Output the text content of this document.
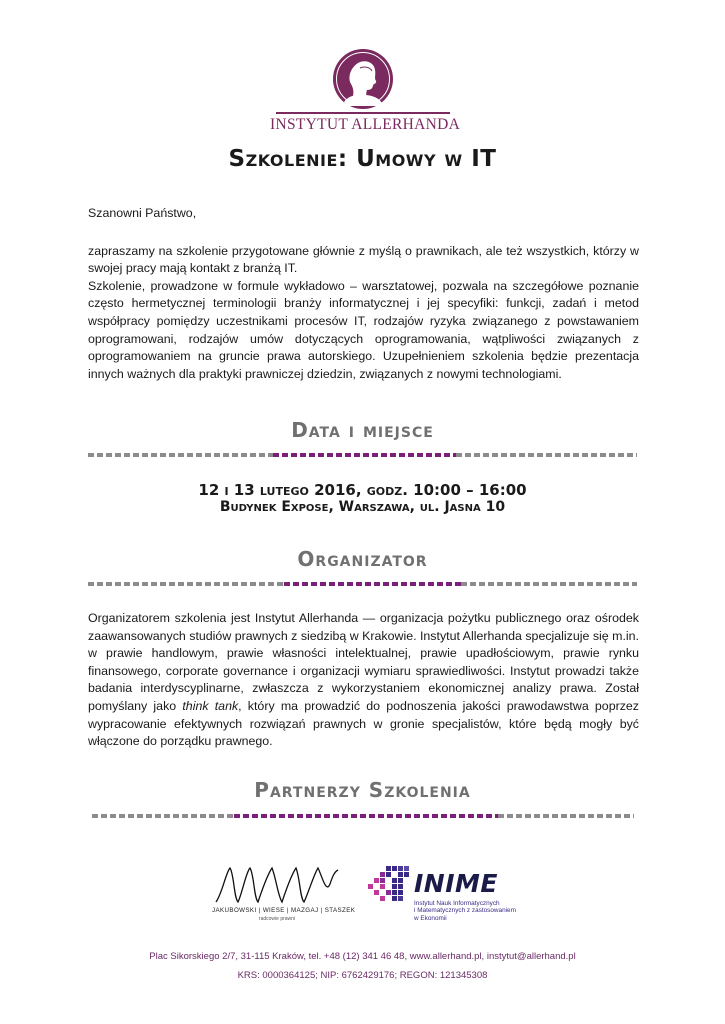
INSTYTUT ALLERHANDA
Szkolenie: Umowy w IT

Szanowni Państwo,

zapraszamy na szkolenie przygotowane głównie z myślą o prawnikach, ale też wszystkich, którzy w swojej pracy mają kontakt z branżą IT.

Szkolenie, prowadzone w formule wykładowo – warsztatowej, pozwala na szczegółowe poznanie często hermetycznej terminologii branży informatycznej i jej specyfiki: funkcji, zadań i metod współpracy pomiędzy uczestnikami procesów IT, rodzajów ryzyka związanego z powstawaniem oprogramowani, rodzajów umów dotyczących oprogramowania, wątpliwości związanych z oprogramowaniem na gruncie prawa autorskiego. Uzupełnieniem szkolenia będzie prezentacja innych ważnych dla praktyki prawniczej dziedzin, związanych z nowymi technologiami.

Data i miejsce
12 i 13 lutego 2016, godz. 10:00 – 16:00
Budynek Expose, Warszawa, ul. Jasna 10
Organizator

Organizatorem szkolenia jest Instytut Allerhanda — organizacja pożytku publicznego oraz ośrodek zaawansowanych studiów prawnych z siedzibą w Krakowie. Instytut Allerhanda specjalizuje się m.in. w prawie handlowym, prawie własności intelektualnej, prawie upadłościowym, prawie rynku finansowego, corporate governance i organizacji wymiaru sprawiedliwości. Instytut prowadzi także badania interdyscyplinarne, zwłaszcza z wykorzystaniem ekonomicznej analizy prawa. Został pomyślany jako think tank, który ma prowadzić do podnoszenia jakości prawodawstwa poprzez wypracowanie efektywnych rozwiązań prawnych w gronie specjalistów, które będą mogły być włączone do porządku prawnego.

Partnerzy Szkolenia
JAKUBOWSKI | WIESE | MAZGAJ | STASZEK
radcowie prawni
INIME
Instytut Nauk Informatycznych
i Matematycznych z zastosowaniem
w Ekonomii
Plac Sikorskiego 2/7, 31-115 Kraków, tel. +48 (12) 341 46 48, www.allerhand.pl, instytut@allerhand.pl
KRS: 0000364125; NIP: 6762429176; REGON: 121345308
